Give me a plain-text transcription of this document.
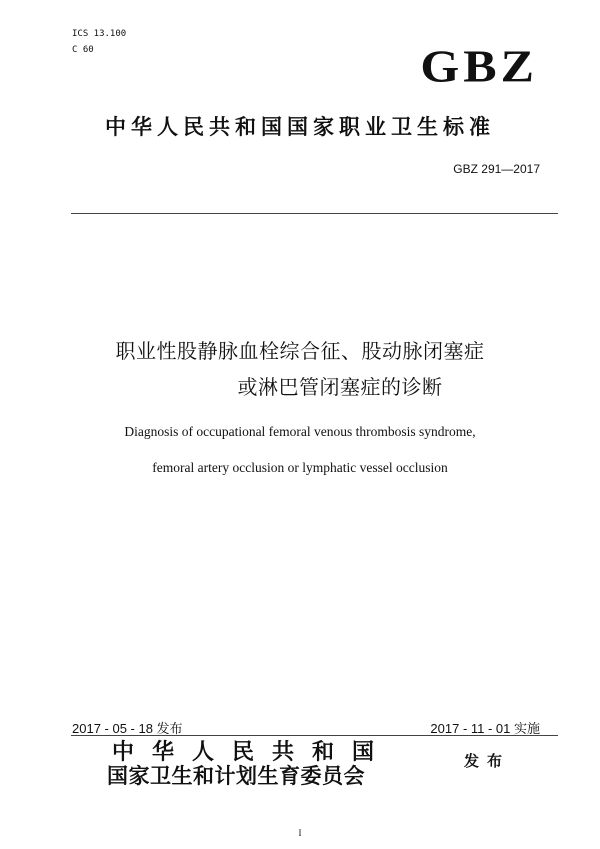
ICS 13.100
C 60	GBZ
中华人民共和国国家职业卫生标准
GBZ 291—2017
职业性股静脉血栓综合征、股动脉闭塞症
或淋巴管闭塞症的诊断
Diagnosis of occupational femoral venous thrombosis syndrome,
femoral artery occlusion or lymphatic vessel occlusion
2017 - 05 - 18 发布	2017 - 11 - 01 实施
中华人民共和国
国家卫生和计划生育委员会
发布
I
